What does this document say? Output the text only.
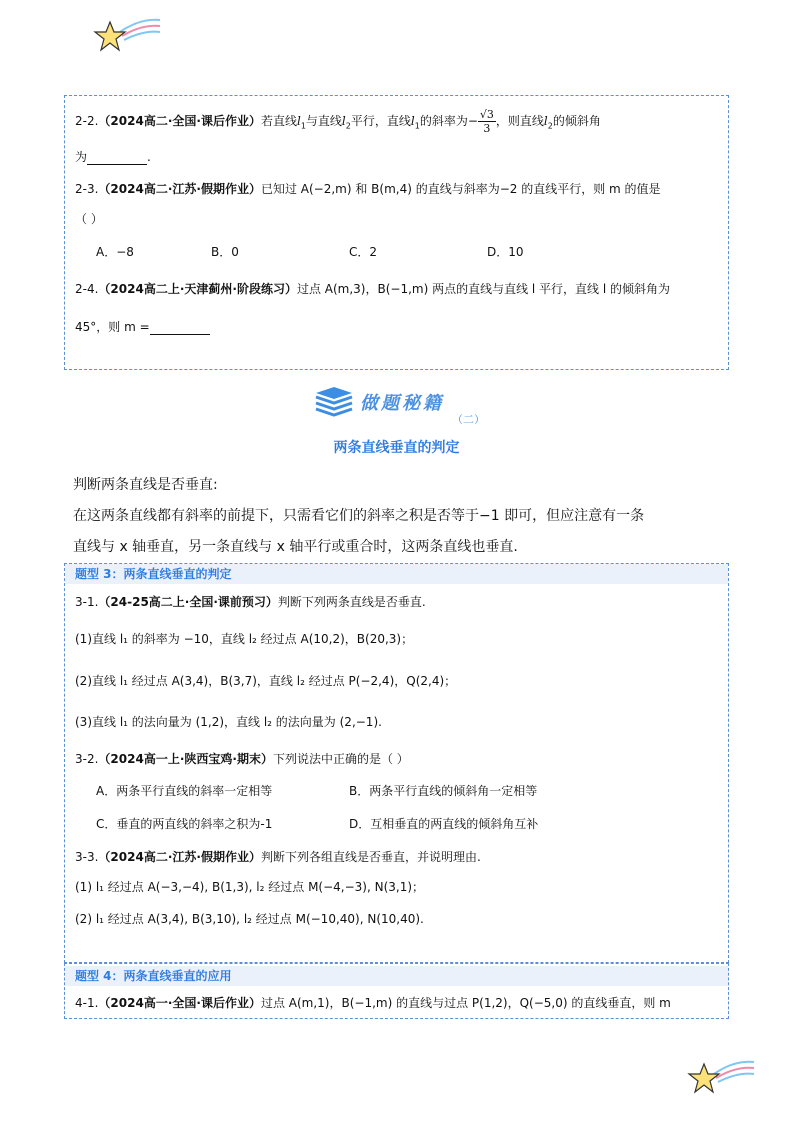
2-2.（2024高二·全国·课后作业）若直线$l_1$与直线$l_2$平行，直线$l_1$的斜率为− $\frac{√3}{3}$ ，则直线$l_2$的倾斜角
为	.
2-3.（2024高二·江苏·假期作业）已知过 A(−2,m) 和 B(m,4) 的直线与斜率为−2 的直线平行，则 m 的值是
（ ）
A．−8	B．0	C．2	D．10
2-4.（2024高二上·天津蓟州·阶段练习）过点 A(m,3)，B(−1,m) 两点的直线与直线 l 平行，直线 l 的倾斜角为
45°，则 m =
做题秘籍
（二）
两条直线垂直的判定
判断两条直线是否垂直:
在这两条直线都有斜率的前提下，只需看它们的斜率之积是否等于−1 即可，但应注意有一条
直线与 x 轴垂直，另一条直线与 x 轴平行或重合时，这两条直线也垂直.
题型 3：两条直线垂直的判定
3-1.（24-25高二上·全国·课前预习）判断下列两条直线是否垂直.
(1)直线 l₁ 的斜率为 −10，直线 l₂ 经过点 A(10,2)，B(20,3)；
(2)直线 l₁ 经过点 A(3,4)，B(3,7)，直线 l₂ 经过点 P(−2,4)，Q(2,4)；
(3)直线 l₁ 的法向量为 (1,2)，直线 l₂ 的法向量为 (2,−1).
3-2.（2024高一上·陕西宝鸡·期末）下列说法中正确的是（ ）
A．两条平行直线的斜率一定相等	B．两条平行直线的倾斜角一定相等
C．垂直的两直线的斜率之积为-1	D．互相垂直的两直线的倾斜角互补
3-3.（2024高二·江苏·假期作业）判断下列各组直线是否垂直，并说明理由.
(1) l₁ 经过点 A(−3,−4), B(1,3), l₂ 经过点 M(−4,−3), N(3,1)；
(2) l₁ 经过点 A(3,4), B(3,10), l₂ 经过点 M(−10,40), N(10,40).
题型 4：两条直线垂直的应用
4-1.（2024高一·全国·课后作业）过点 A(m,1)，B(−1,m) 的直线与过点 P(1,2)，Q(−5,0) 的直线垂直，则 m
